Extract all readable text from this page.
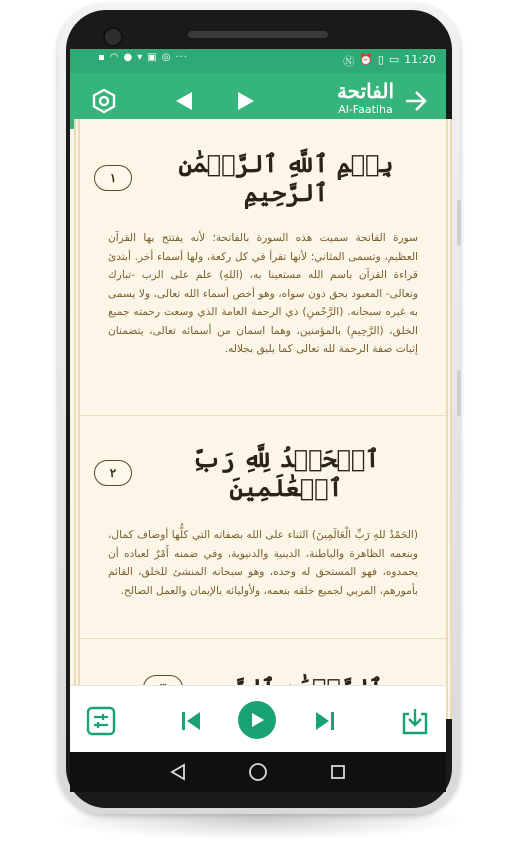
▪︎ ◠ ● ▾ ▣ ◎ ···	Ⓝ ⏰ ▯ ▭ 11:20
الفاتحة
Al-Faatiha
بِسۡمِ ٱللَّهِ ٱلرَّحۡمَٰنِ ٱلرَّحِيمِ
١
سورة الفاتحة سميت هذه السورة بالفاتحة؛ لأنه يفتتح بها القرآن العظيم، وتسمى المثاني؛ لأنها تقرأ في كل ركعة، ولها أسماء أخر. أبتدئ قراءة القرآن باسم الله مستعينا به، (اللهِ) علم على الرب -تبارك وتعالى- المعبود بحق دون سواه، وهو أخص أسماء الله تعالى، ولا يسمى به غيره سبحانه. (الرَّحْمنِ) ذي الرحمة العامة الذي وسعت رحمته جميع الخلق، (الرَّحِيمِ) بالمؤمنين، وهما اسمان من أسمائه تعالى، يتضمنان إثبات صفة الرحمة لله تعالى كما يليق بجلاله.
ٱلۡحَمۡدُ لِلَّهِ رَبِّ ٱلۡعَٰلَمِينَ
٢
(الحَمْدُ للهِ رَبِّ الْعَالَمِينَ) الثناء على الله بصفاته التي كلُّها أوصاف كمال، وبنعمه الظاهرة والباطنة، الدينية والدنيوية، وفي ضمنه أَمْرٌ لعباده أن يحمدوه، فهو المستحق له وحده، وهو سبحانه المنشئ للخلق، القائم بأمورهم، المربي لجميع خلقه بنعمه، ولأوليائه بالإيمان والعمل الصالح.
